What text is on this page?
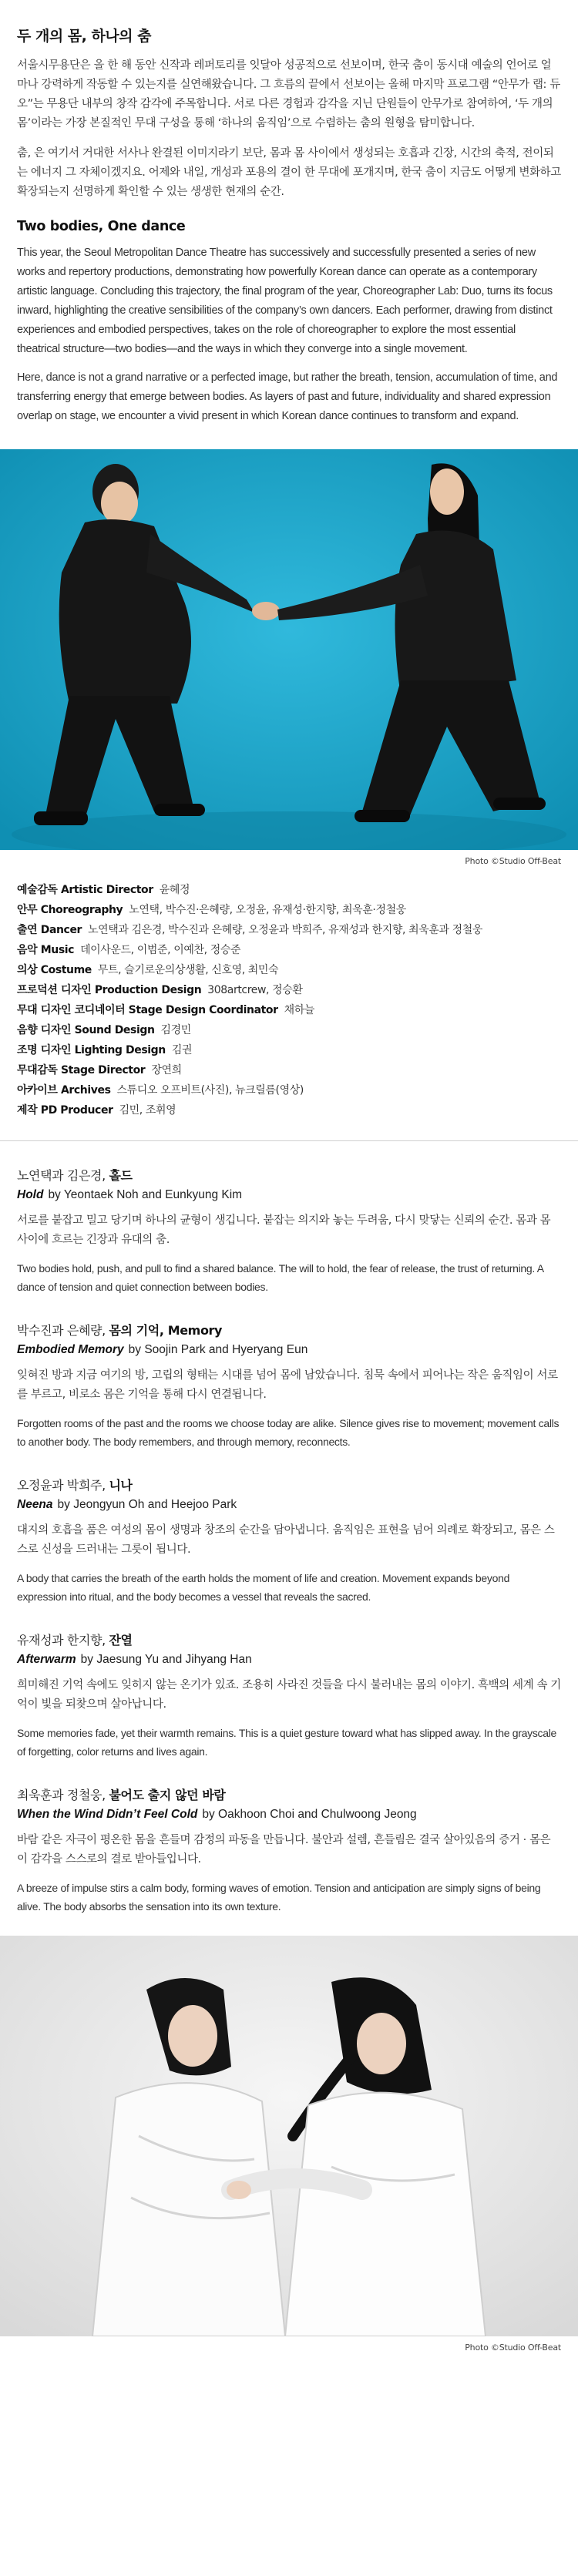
두 개의 몸, 하나의 춤

서울시무용단은 올 한 해 동안 신작과 레퍼토리를 잇달아 성공적으로 선보이며, 한국 춤이 동시대 예술의 언어로 얼마나 강력하게 작동할 수 있는지를 실연해왔습니다. 그 흐름의 끝에서 선보이는 올해 마지막 프로그램 “안무가 랩: 듀오”는 무용단 내부의 창작 감각에 주목합니다. 서로 다른 경험과 감각을 지닌 단원들이 안무가로 참여하여, ‘두 개의 몸’이라는 가장 본질적인 무대 구성을 통해 ‘하나의 움직임’으로 수렴하는 춤의 원형을 탐미합니다.

춤, 은 여기서 거대한 서사나 완결된 이미지라기 보단, 몸과 몸 사이에서 생성되는 호흡과 긴장, 시간의 축적, 전이되는 에너지 그 자체이겠지요. 어제와 내일, 개성과 포용의 결이 한 무대에 포개지며, 한국 춤이 지금도 어떻게 변화하고 확장되는지 선명하게 확인할 수 있는 생생한 현재의 순간.

Two bodies, One dance

This year, the Seoul Metropolitan Dance Theatre has successively and successfully presented a series of new works and repertory productions, demonstrating how powerfully Korean dance can operate as a contemporary artistic language. Concluding this trajectory, the final program of the year, Choreographer Lab: Duo, turns its focus inward, highlighting the creative sensibilities of the company’s own dancers. Each performer, drawing from distinct experiences and embodied perspectives, takes on the role of choreographer to explore the most essential theatrical structure—two bodies—and the ways in which they converge into a single movement.

Here, dance is not a grand narrative or a perfected image, but rather the breath, tension, accumulation of time, and transferring energy that emerge between bodies. As layers of past and future, individuality and shared expression overlap on stage, we encounter a vivid present in which Korean dance continues to transform and expand.

Photo ©Studio Off-Beat
예술감독 Artistic Director 윤혜정
안무 Choreography 노연택, 박수진·은혜량, 오정윤, 유재성·한지향, 최욱훈·정철웅
출연 Dancer 노연택과 김은경, 박수진과 은혜량, 오정윤과 박희주, 유재성과 한지향, 최욱훈과 정철웅
음악 Music 데이사운드, 이범준, 이예찬, 정승준
의상 Costume 무트, 슬기로운의상생활, 신호영, 최민숙
프로덕션 디자인 Production Design 308artcrew, 정승환
무대 디자인 코디네이터 Stage Design Coordinator 채하늘
음향 디자인 Sound Design 김경민
조명 디자인 Lighting Design 김권
무대감독 Stage Director 장연희
아카이브 Archives 스튜디오 오프비트(사진), 뉴크릴름(영상)
제작 PD Producer 김민, 조휘영
노연택과 김은경, 홀드
Hold by Yeontaek Noh and Eunkyung Kim

서로를 붙잡고 밀고 당기며 하나의 균형이 생깁니다. 붙잡는 의지와 놓는 두려움, 다시 맞닿는 신뢰의 순간. 몸과 몸 사이에 흐르는 긴장과 유대의 춤.

Two bodies hold, push, and pull to find a shared balance. The will to hold, the fear of release, the trust of returning. A dance of tension and quiet connection between bodies.

박수진과 은혜량, 몸의 기억, Memory
Embodied Memory by Soojin Park and Hyeryang Eun

잊혀진 방과 지금 여기의 방, 고립의 형태는 시대를 넘어 몸에 남았습니다. 침묵 속에서 피어나는 작은 움직임이 서로를 부르고, 비로소 몸은 기억을 통해 다시 연결됩니다.

Forgotten rooms of the past and the rooms we choose today are alike. Silence gives rise to movement; movement calls to another body. The body remembers, and through memory, reconnects.

오정윤과 박희주, 니나
Neena by Jeongyun Oh and Heejoo Park

대지의 호흡을 품은 여성의 몸이 생명과 창조의 순간을 담아냅니다. 움직임은 표현을 넘어 의례로 확장되고, 몸은 스스로 신성을 드러내는 그릇이 됩니다.

A body that carries the breath of the earth holds the moment of life and creation. Movement expands beyond expression into ritual, and the body becomes a vessel that reveals the sacred.

유재성과 한지향, 잔열
Afterwarm by Jaesung Yu and Jihyang Han

희미해진 기억 속에도 잊히지 않는 온기가 있죠. 조용히 사라진 것들을 다시 불러내는 몸의 이야기. 흑백의 세계 속 기억이 빛을 되찾으며 살아납니다.

Some memories fade, yet their warmth remains. This is a quiet gesture toward what has slipped away. In the grayscale of forgetting, color returns and lives again.

최욱훈과 정철웅, 불어도 출지 않던 바람
When the Wind Didn’t Feel Cold by Oakhoon Choi and Chulwoong Jeong

바람 같은 자극이 평온한 몸을 흔들며 감정의 파동을 만듭니다. 불안과 설렘, 흔들림은 결국 살아있음의 증거 · 몸은 이 감각을 스스로의 결로 받아들입니다.

A breeze of impulse stirs a calm body, forming waves of emotion. Tension and anticipation are simply signs of being alive. The body absorbs the sensation into its own texture.

Photo ©Studio Off-Beat
